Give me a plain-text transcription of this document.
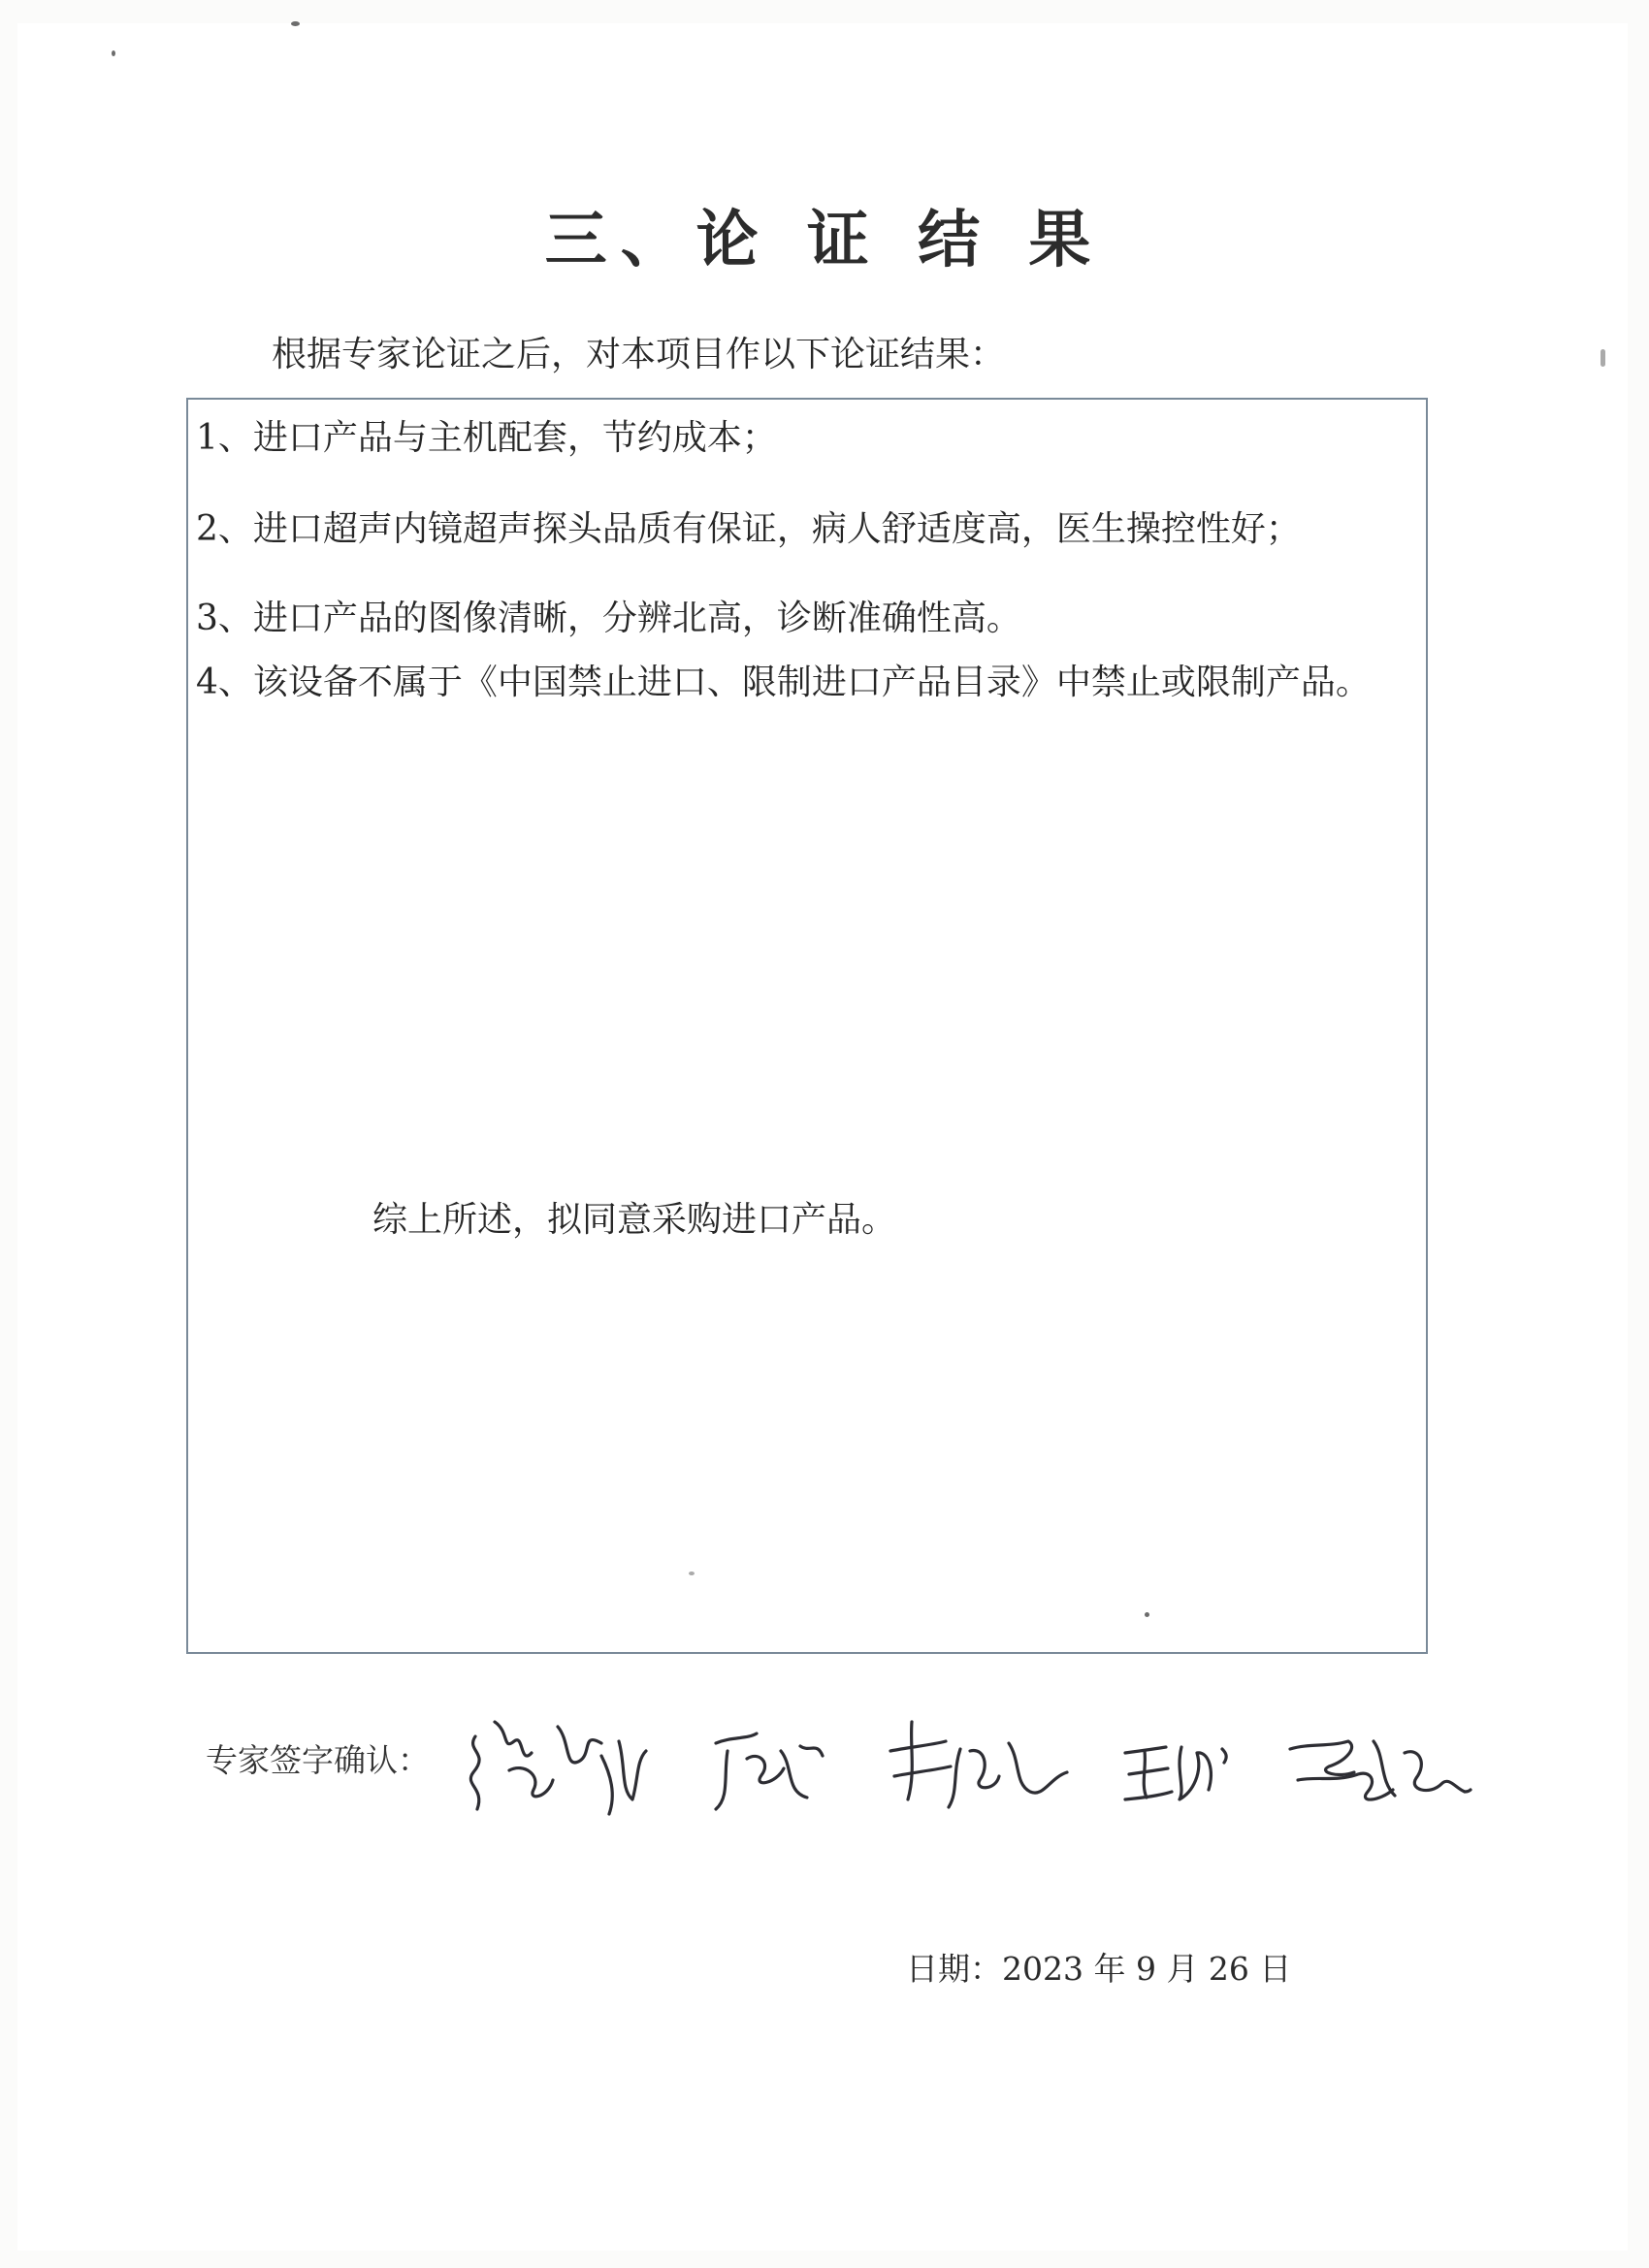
三、论 证 结 果
根据专家论证之后，对本项目作以下论证结果：
1、进口产品与主机配套，节约成本；
2、进口超声内镜超声探头品质有保证，病人舒适度高，医生操控性好；
3、进口产品的图像清晰，分辨北高，诊断准确性高。
4、该设备不属于《中国禁止进口、限制进口产品目录》中禁止或限制产品。
综上所述，拟同意采购进口产品。
专家签字确认：
日期：2023 年 9 月 26 日
